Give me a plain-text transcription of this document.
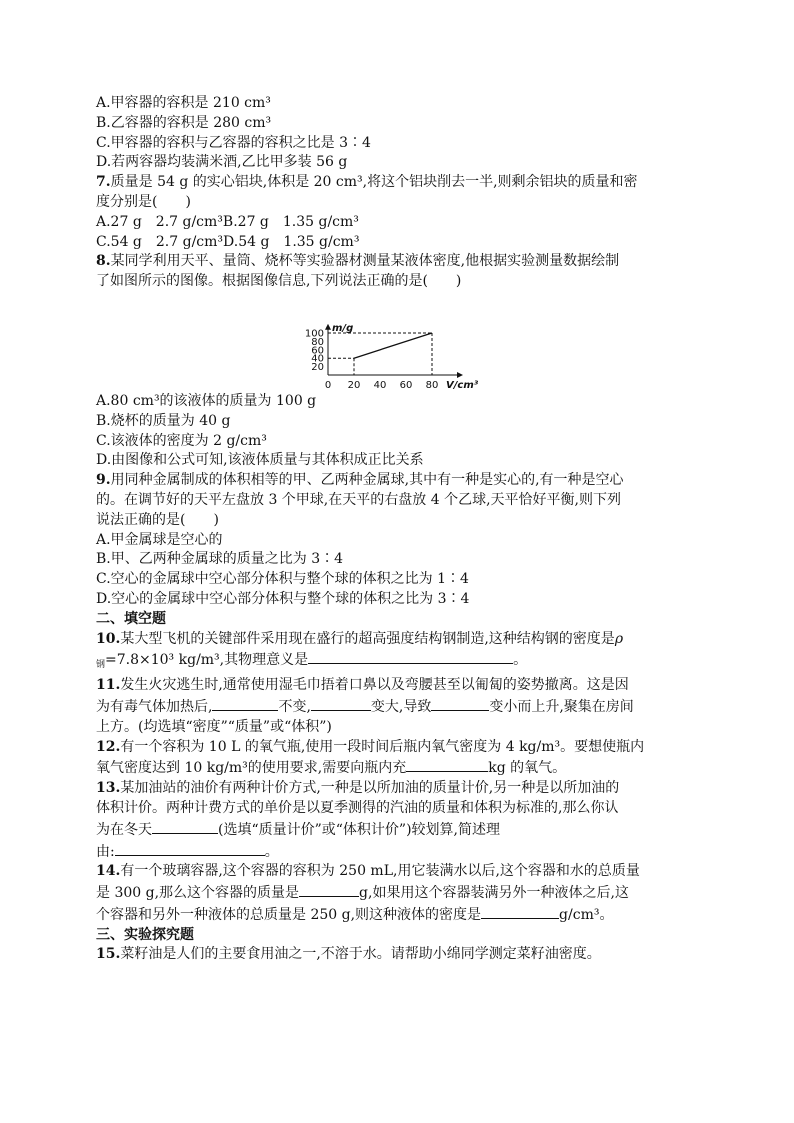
A.甲容器的容积是 210 cm³
B.乙容器的容积是 280 cm³
C.甲容器的容积与乙容器的容积之比是 3∶4
D.若两容器均装满米酒,乙比甲多装 56 g
7.质量是 54 g 的实心铝块,体积是 20 cm³,将这个铝块削去一半,则剩余铝块的质量和密
度分别是(　　)
A.27 g　2.7 g/cm³B.27 g　1.35 g/cm³
C.54 g　2.7 g/cm³D.54 g　1.35 g/cm³
8.某同学利用天平、量筒、烧杯等实验器材测量某液体密度,他根据实验测量数据绘制
了如图所示的图像。根据图像信息,下列说法正确的是(　　)
m/g
V/cm³
0 20 40 60 80
20
40
60
80
100
A.80 cm³的该液体的质量为 100 g
B.烧杯的质量为 40 g
C.该液体的密度为 2 g/cm³
D.由图像和公式可知,该液体质量与其体积成正比关系
9.用同种金属制成的体积相等的甲、乙两种金属球,其中有一种是实心的,有一种是空心
的。在调节好的天平左盘放 3 个甲球,在天平的右盘放 4 个乙球,天平恰好平衡,则下列
说法正确的是(　　)
A.甲金属球是空心的
B.甲、乙两种金属球的质量之比为 3∶4
C.空心的金属球中空心部分体积与整个球的体积之比为 1∶4
D.空心的金属球中空心部分体积与整个球的体积之比为 3∶4
二、填空题
10.某大型飞机的关键部件采用现在盛行的超高强度结构钢制造,这种结构钢的密度是ρ
$_钢$=7.8×10³ kg/m³,其物理意义是	。
11.发生火灾逃生时,通常使用湿毛巾捂着口鼻以及弯腰甚至以匍匐的姿势撤离。这是因
为有毒气体加热后,	不变,	变大,导致	变小而上升,聚集在房间
上方。(均选填“密度”“质量”或“体积”)
12.有一个容积为 10 L 的氧气瓶,使用一段时间后瓶内氧气密度为 4 kg/m³。要想使瓶内
氧气密度达到 10 kg/m³的使用要求,需要向瓶内充	kg 的氧气。
13.某加油站的油价有两种计价方式,一种是以所加油的质量计价,另一种是以所加油的
体积计价。两种计费方式的单价是以夏季测得的汽油的质量和体积为标准的,那么你认
为在冬天	(选填“质量计价”或“体积计价”)较划算,简述理
由:	。
14.有一个玻璃容器,这个容器的容积为 250 mL,用它装满水以后,这个容器和水的总质量
是 300 g,那么这个容器的质量是	g,如果用这个容器装满另外一种液体之后,这
个容器和另外一种液体的总质量是 250 g,则这种液体的密度是	g/cm³。
三、实验探究题
15.菜籽油是人们的主要食用油之一,不溶于水。请帮助小绵同学测定菜籽油密度。
